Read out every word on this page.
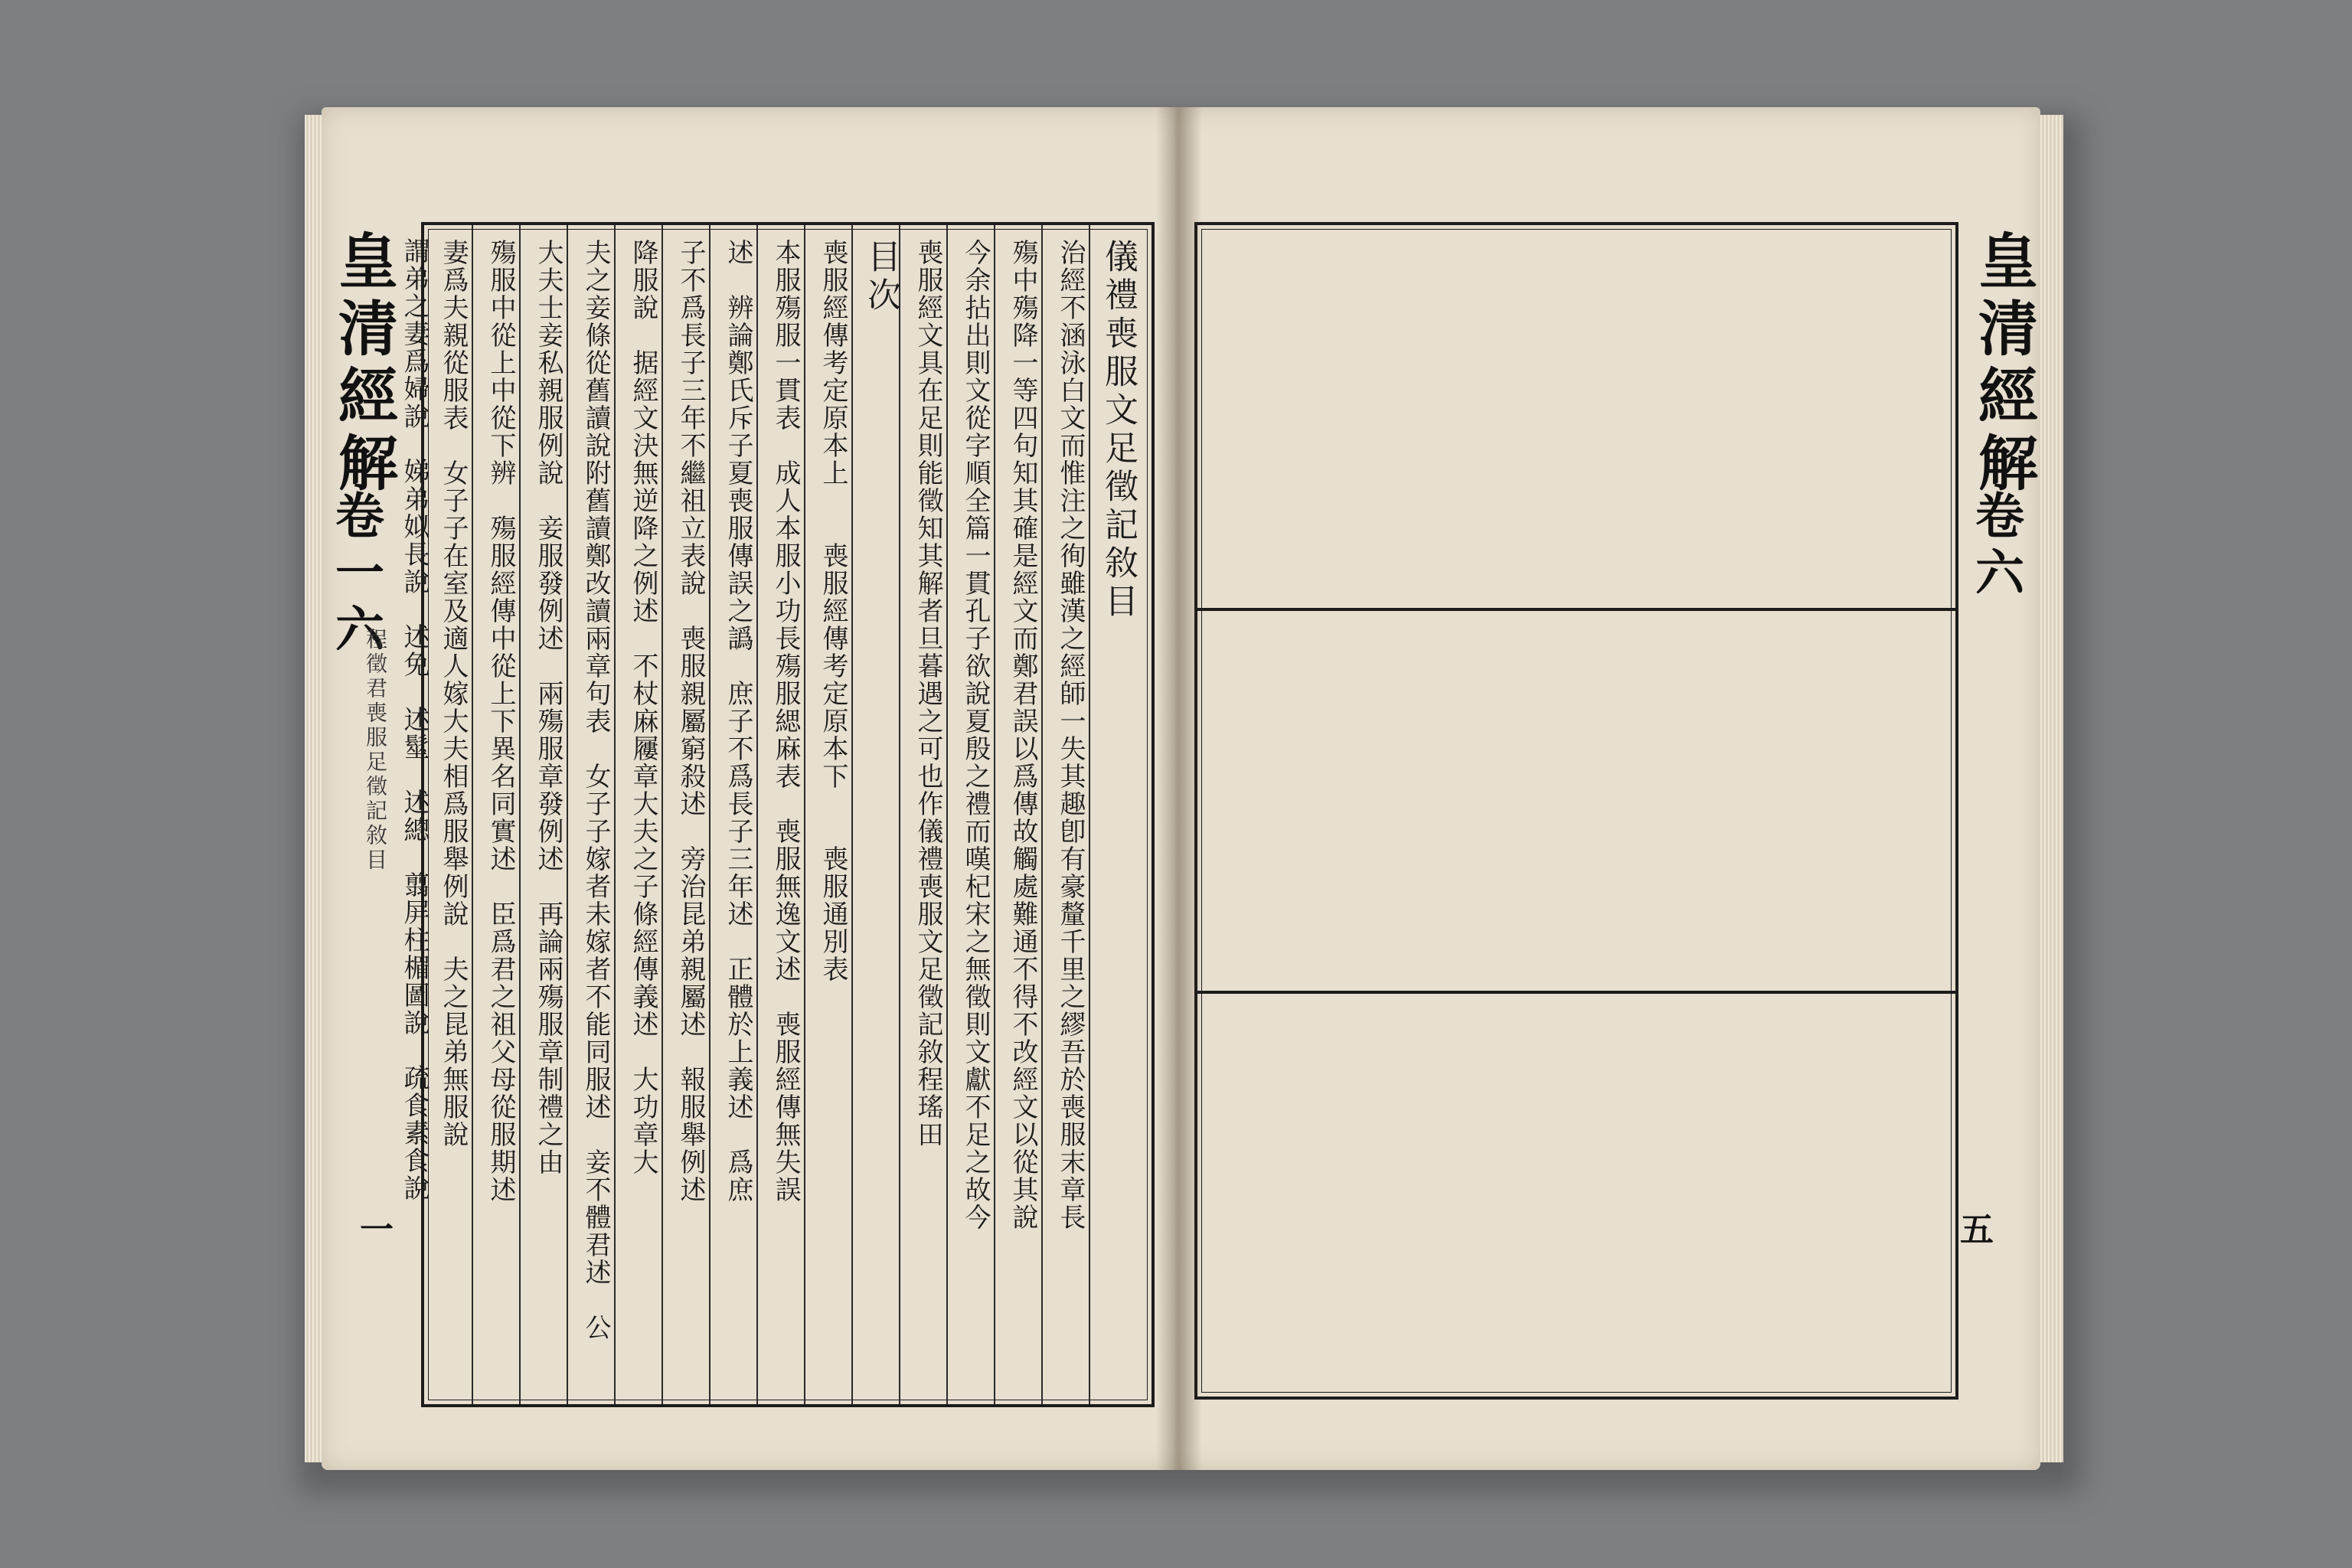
皇清經解
卷一六
程徵君喪服足徵記敘目
一
儀禮喪服文足徵記敘目
治經不涵泳白文而惟注之徇雖漢之經師一失其趣卽有豪釐千里之繆吾於喪服末章長
殤中殤降一等四句知其確是經文而鄭君誤以爲傳故觸處難通不得不改經文以從其說
今余拈出則文從字順全篇一貫孔子欲說夏殷之禮而嘆杞宋之無徵則文獻不足之故今
喪服經文具在足則能徵知其解者旦暮遇之可也作儀禮喪服文足徵記敘程瑤田
目次
喪服經傳考定原本上　　喪服經傳考定原本下　　喪服通別表
本服殤服一貫表　成人本服小功長殤服緦麻表　喪服無逸文述　喪服經傳無失誤
述　辨論鄭氏斥子夏喪服傳誤之譌　庶子不爲長子三年述　正體於上義述　爲庶
子不爲長子三年不繼祖立表說　喪服親屬窮殺述　旁治昆弟親屬述　報服舉例述
降服說　据經文決無逆降之例述　不杖麻屨章大夫之子條經傳義述　大功章大
夫之妾條從舊讀說附舊讀鄭改讀兩章句表　女子子嫁者未嫁者不能同服述　妾不體君述　公
大夫士妾私親服例說　妾服發例述　兩殤服章發例述　再論兩殤服章制禮之由
殤服中從上中從下辨　殤服經傳中從上下異名同實述　臣爲君之祖父母從服期述
妻爲夫親從服表　女子子在室及適人嫁大夫相爲服舉例說　夫之昆弟無服說
謂弟之妻爲婦說　娣弟姒長說　述免　述髽　述總　翦屏柱楣圖說　疏食素食說	皇清經解
卷六
五
